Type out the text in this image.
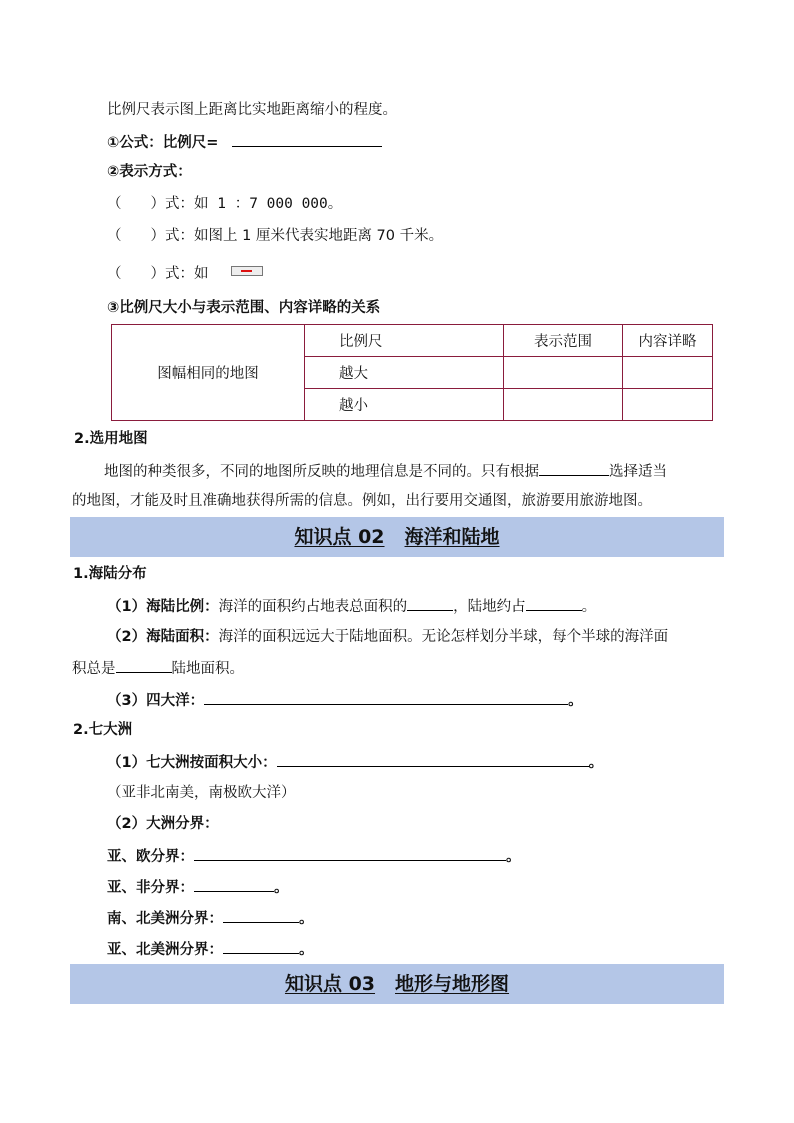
比例尺表示图上距离比实地距离缩小的程度。
①公式：比例尺=
②表示方式：
（　　）式：如 1 ：7 000 000。
（　　）式：如图上 1 厘米代表实地距离 70 千米。
（　　）式：如
③比例尺大小与表示范围、内容详略的关系
图幅相同的地图	比例尺	表示范围	内容详略
	越大		
	越小		
2.选用地图
地图的种类很多，不同的地图所反映的地理信息是不同的。只有根据	选择适当
的地图，才能及时且准确地获得所需的信息。例如，出行要用交通图，旅游要用旅游地图。
知识点 02 海洋和陆地
1.海陆分布
（1）海陆比例：海洋的面积约占地表总面积的	，陆地约占	。
（2）海陆面积：海洋的面积远远大于陆地面积。无论怎样划分半球，每个半球的海洋面
积总是	陆地面积。
（3）四大洋：	。
2.七大洲
（1）七大洲按面积大小：	。
（亚非北南美，南极欧大洋）
（2）大洲分界：
亚、欧分界：	。
亚、非分界：	。
南、北美洲分界：	。
亚、北美洲分界：	。
知识点 03 地形与地形图
